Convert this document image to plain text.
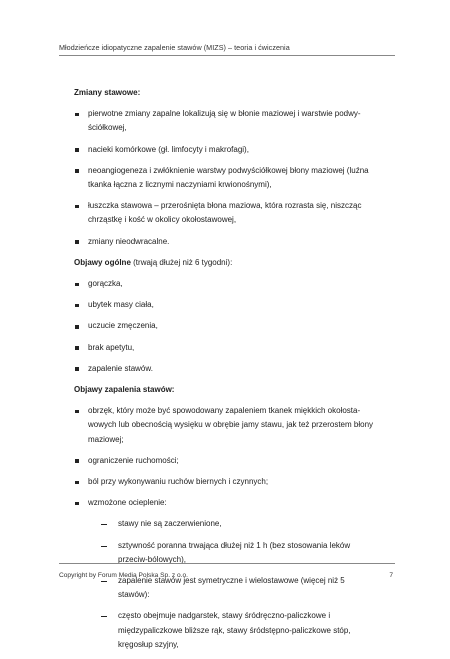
Młodzieńcze idiopatyczne zapalenie stawów (MIZS) – teoria i ćwiczenia
Zmiany stawowe:
pierwotne zmiany zapalne lokalizują się w błonie maziowej i warstwie podwy-ściółkowej,
nacieki komórkowe (gł. limfocyty i makrofagi),
neoangiogeneza i zwłóknienie warstwy podwyściółkowej błony maziowej (luźna tkanka łączna z licznymi naczyniami krwionośnymi),
łuszczka stawowa – przerośnięta błona maziowa, która rozrasta się, niszcząc chrząstkę i kość w okolicy okołostawowej,
zmiany nieodwracalne.
Objawy ogólne (trwają dłużej niż 6 tygodni):
gorączka,
ubytek masy ciała,
uczucie zmęczenia,
brak apetytu,
zapalenie stawów.
Objawy zapalenia stawów:
obrzęk, który może być spowodowany zapaleniem tkanek miękkich okołosta-wowych lub obecnością wysięku w obrębie jamy stawu, jak też przerostem błony maziowej;
ograniczenie ruchomości;
ból przy wykonywaniu ruchów biernych i czynnych;
wzmożone ocieplenie:
stawy nie są zaczerwienione,
sztywność poranna trwająca dłużej niż 1 h (bez stosowania leków przeciw-bólowych),
zapalenie stawów jest symetryczne i wielostawowe (więcej niż 5 stawów):
często obejmuje nadgarstek, stawy śródręczno-paliczkowe i międzypaliczkowe bliższe rąk, stawy śródstępno-paliczkowe stóp, kręgosłup szyjny,
Copyright by Forum Media Polska Sp. z o.o.	7
